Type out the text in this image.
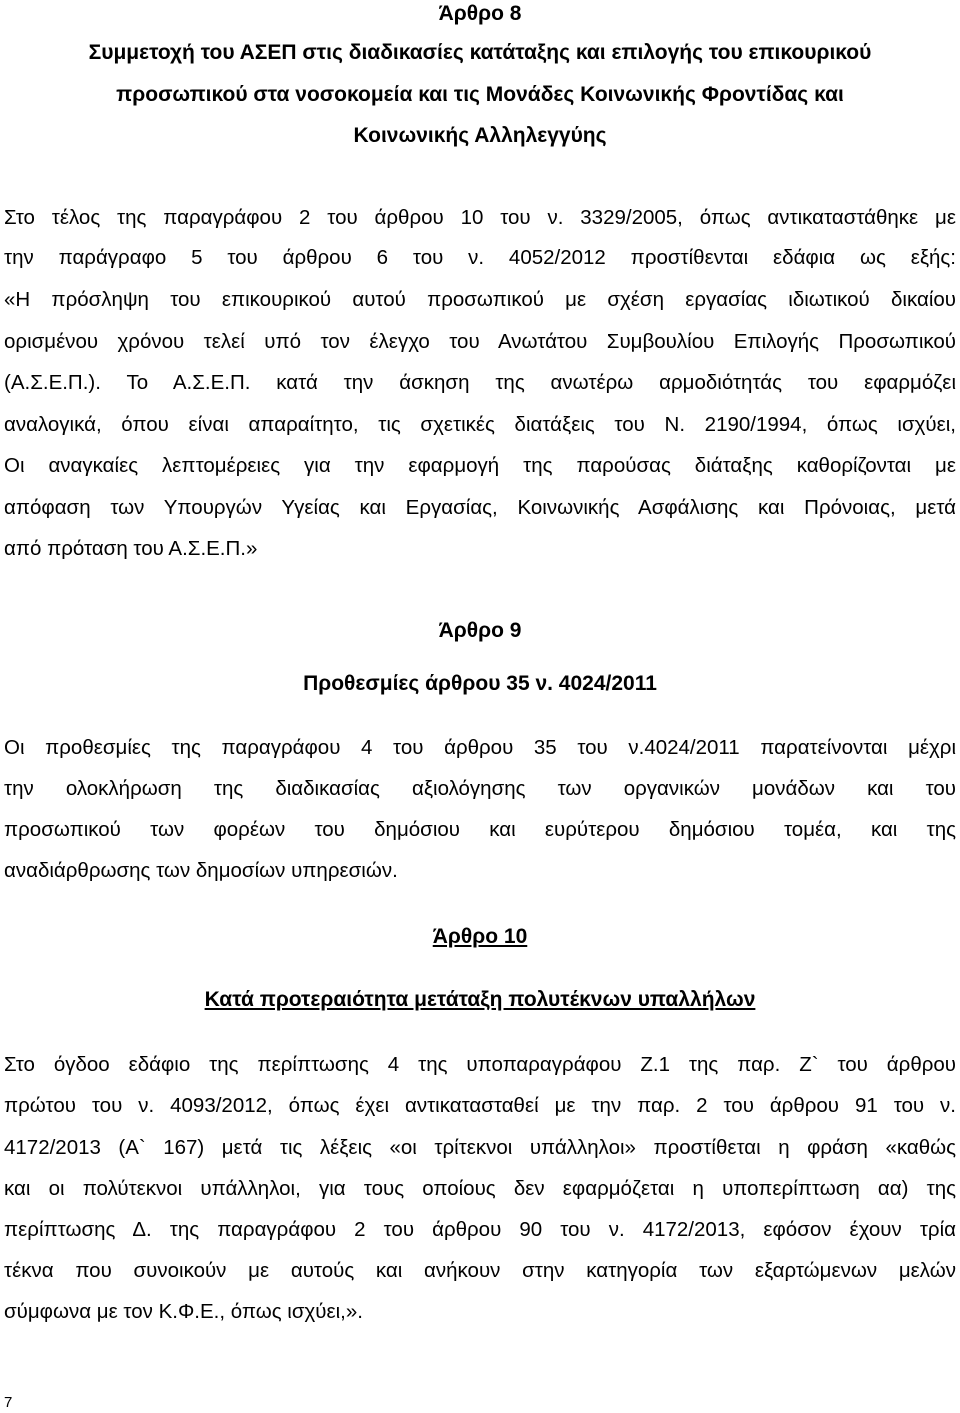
Άρθρο 8
Συμμετοχή του ΑΣΕΠ στις διαδικασίες κατάταξης και επιλογής του επικουρικού
προσωπικού στα νοσοκομεία και τις Μονάδες Κοινωνικής Φροντίδας και
Κοινωνικής Αλληλεγγύης
Στο τέλος της παραγράφου 2 του άρθρου 10 του ν. 3329/2005, όπως αντικαταστάθηκε με
την παράγραφο 5 του άρθρου 6 του ν. 4052/2012 προστίθενται εδάφια ως εξής:
«Η πρόσληψη του επικουρικού αυτού προσωπικού με σχέση εργασίας ιδιωτικού δικαίου
ορισμένου χρόνου τελεί υπό τον έλεγχο του Ανωτάτου Συμβουλίου Επιλογής Προσωπικού
(Α.Σ.Ε.Π.). Το Α.Σ.Ε.Π. κατά την άσκηση της ανωτέρω αρμοδιότητάς του εφαρμόζει
αναλογικά, όπου είναι απαραίτητο, τις σχετικές διατάξεις του Ν. 2190/1994, όπως ισχύει,
Οι αναγκαίες λεπτομέρειες για την εφαρμογή της παρούσας διάταξης καθορίζονται με
απόφαση των Υπουργών Υγείας και Εργασίας, Κοινωνικής Ασφάλισης και Πρόνοιας, μετά
από πρόταση του Α.Σ.Ε.Π.»
Άρθρο 9
Προθεσμίες άρθρου 35 ν. 4024/2011
Οι προθεσμίες της παραγράφου 4 του άρθρου 35 του ν.4024/2011 παρατείνονται μέχρι
την ολοκλήρωση της διαδικασίας αξιολόγησης των οργανικών μονάδων και του
προσωπικού των φορέων του δημόσιου και ευρύτερου δημόσιου τομέα, και της
αναδιάρθρωσης των δημοσίων υπηρεσιών.
Άρθρο 10
Κατά προτεραιότητα μετάταξη πολυτέκνων υπαλλήλων
Στο όγδοο εδάφιο της περίπτωσης 4 της υποπαραγράφου Ζ.1 της παρ. Ζ` του άρθρου
πρώτου του ν. 4093/2012, όπως έχει αντικατασταθεί με την παρ. 2 του άρθρου 91 του ν.
4172/2013 (Α` 167) μετά τις λέξεις «οι τρίτεκνοι υπάλληλοι» προστίθεται η φράση «καθώς
και οι πολύτεκνοι υπάλληλοι, για τους οποίους δεν εφαρμόζεται η υποπερίπτωση αα) της
περίπτωσης Δ. της παραγράφου 2 του άρθρου 90 του ν. 4172/2013, εφόσον έχουν τρία
τέκνα που συνοικούν με αυτούς και ανήκουν στην κατηγορία των εξαρτώμενων μελών
σύμφωνα με τον Κ.Φ.Ε., όπως ισχύει,».
7
